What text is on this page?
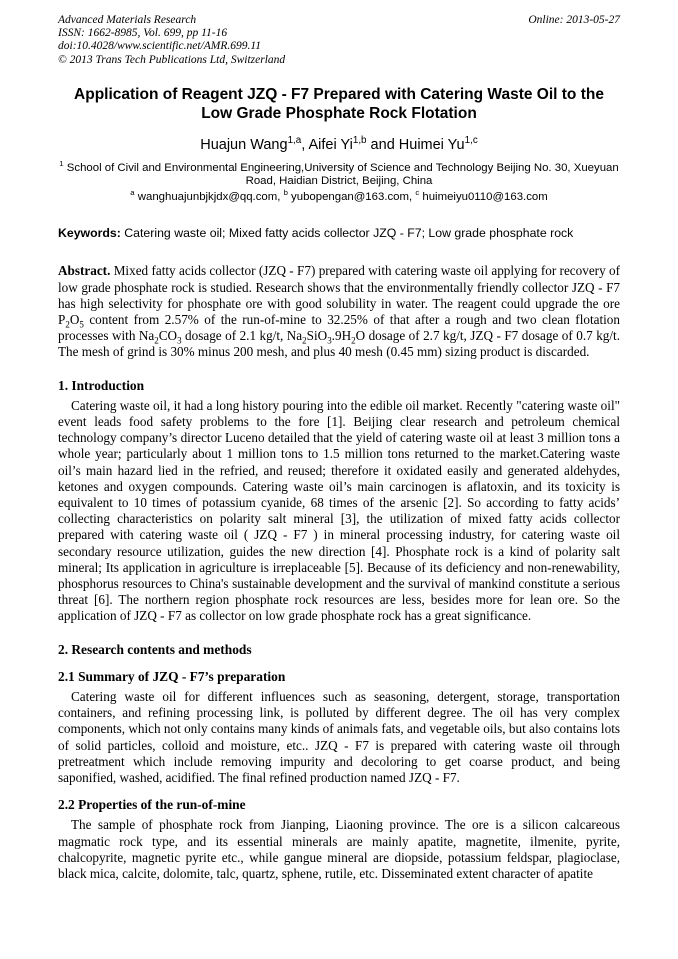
Advanced Materials Research
ISSN: 1662-8985, Vol. 699, pp 11-16
doi:10.4028/www.scientific.net/AMR.699.11
© 2013 Trans Tech Publications Ltd, Switzerland
Online: 2013-05-27
Application of Reagent JZQ - F7 Prepared with Catering Waste Oil to the Low Grade Phosphate Rock Flotation
Huajun Wang$^{1,a}$, Aifei Yi$^{1,b}$ and Huimei Yu$^{1,c}$
$^1$ School of Civil and Environmental Engineering,University of Science and Technology Beijing No. 30, Xueyuan Road, Haidian District, Beijing, China
$^a$ wanghuajunbjkjdx@qq.com, $^b$ yubopengan@163.com, $^c$ huimeiyu0110@163.com
Keywords: Catering waste oil; Mixed fatty acids collector JZQ - F7; Low grade phosphate rock
Abstract. Mixed fatty acids collector (JZQ - F7) prepared with catering waste oil applying for recovery of low grade phosphate rock is studied. Research shows that the environmentally friendly collector JZQ - F7 has high selectivity for phosphate ore with good solubility in water. The reagent could upgrade the ore $P_2O_5$ content from 2.57% of the run-of-mine to 32.25% of that after a rough and two clean flotation processes with $Na_2CO_3$ dosage of 2.1 kg/t, $Na_2SiO_3.9H_2O$ dosage of 2.7 kg/t, JZQ - F7 dosage of 0.7 kg/t. The mesh of grind is 30% minus 200 mesh, and plus 40 mesh (0.45 mm) sizing product is discarded.
1. Introduction
Catering waste oil, it had a long history pouring into the edible oil market. Recently "catering waste oil" event leads food safety problems to the fore [1]. Beijing clear research and petroleum chemical technology company’s director Luceno detailed that the yield of catering waste oil at least 3 million tons a whole year; particularly about 1 million tons to 1.5 million tons returned to the market.Catering waste oil’s main hazard lied in the refried, and reused; therefore it oxidated easily and generated aldehydes, ketones and oxygen compounds. Catering waste oil’s main carcinogen is aflatoxin, and its toxicity is equivalent to 10 times of potassium cyanide, 68 times of the arsenic [2]. So according to fatty acids’ collecting characteristics on polarity salt mineral [3], the utilization of mixed fatty acids collector prepared with catering waste oil ( JZQ - F7 ) in mineral processing industry, for catering waste oil secondary resource utilization, guides the new direction [4]. Phosphate rock is a kind of polarity salt mineral; Its application in agriculture is irreplaceable [5]. Because of its deficiency and non-renewability, phosphorus resources to China's sustainable development and the survival of mankind constitute a serious threat [6]. The northern region phosphate rock resources are less, besides more for lean ore. So the application of JZQ - F7 as collector on low grade phosphate rock has a great significance.
2. Research contents and methods
2.1 Summary of JZQ - F7’s preparation
Catering waste oil for different influences such as seasoning, detergent, storage, transportation containers, and refining processing link, is polluted by different degree. The oil has very complex components, which not only contains many kinds of animals fats, and vegetable oils, but also contains lots of solid particles, colloid and moisture, etc.. JZQ - F7 is prepared with catering waste oil through pretreatment which include removing impurity and decoloring to get coarse product, and being saponified, washed, acidified. The final refined production named JZQ - F7.
2.2 Properties of the run-of-mine
The sample of phosphate rock from Jianping, Liaoning province. The ore is a silicon calcareous magmatic rock type, and its essential minerals are mainly apatite, magnetite, ilmenite, pyrite, chalcopyrite, magnetic pyrite etc., while gangue mineral are diopside, potassium feldspar, plagioclase, black mica, calcite, dolomite, talc, quartz, sphene, rutile, etc. Disseminated extent character of apatite
